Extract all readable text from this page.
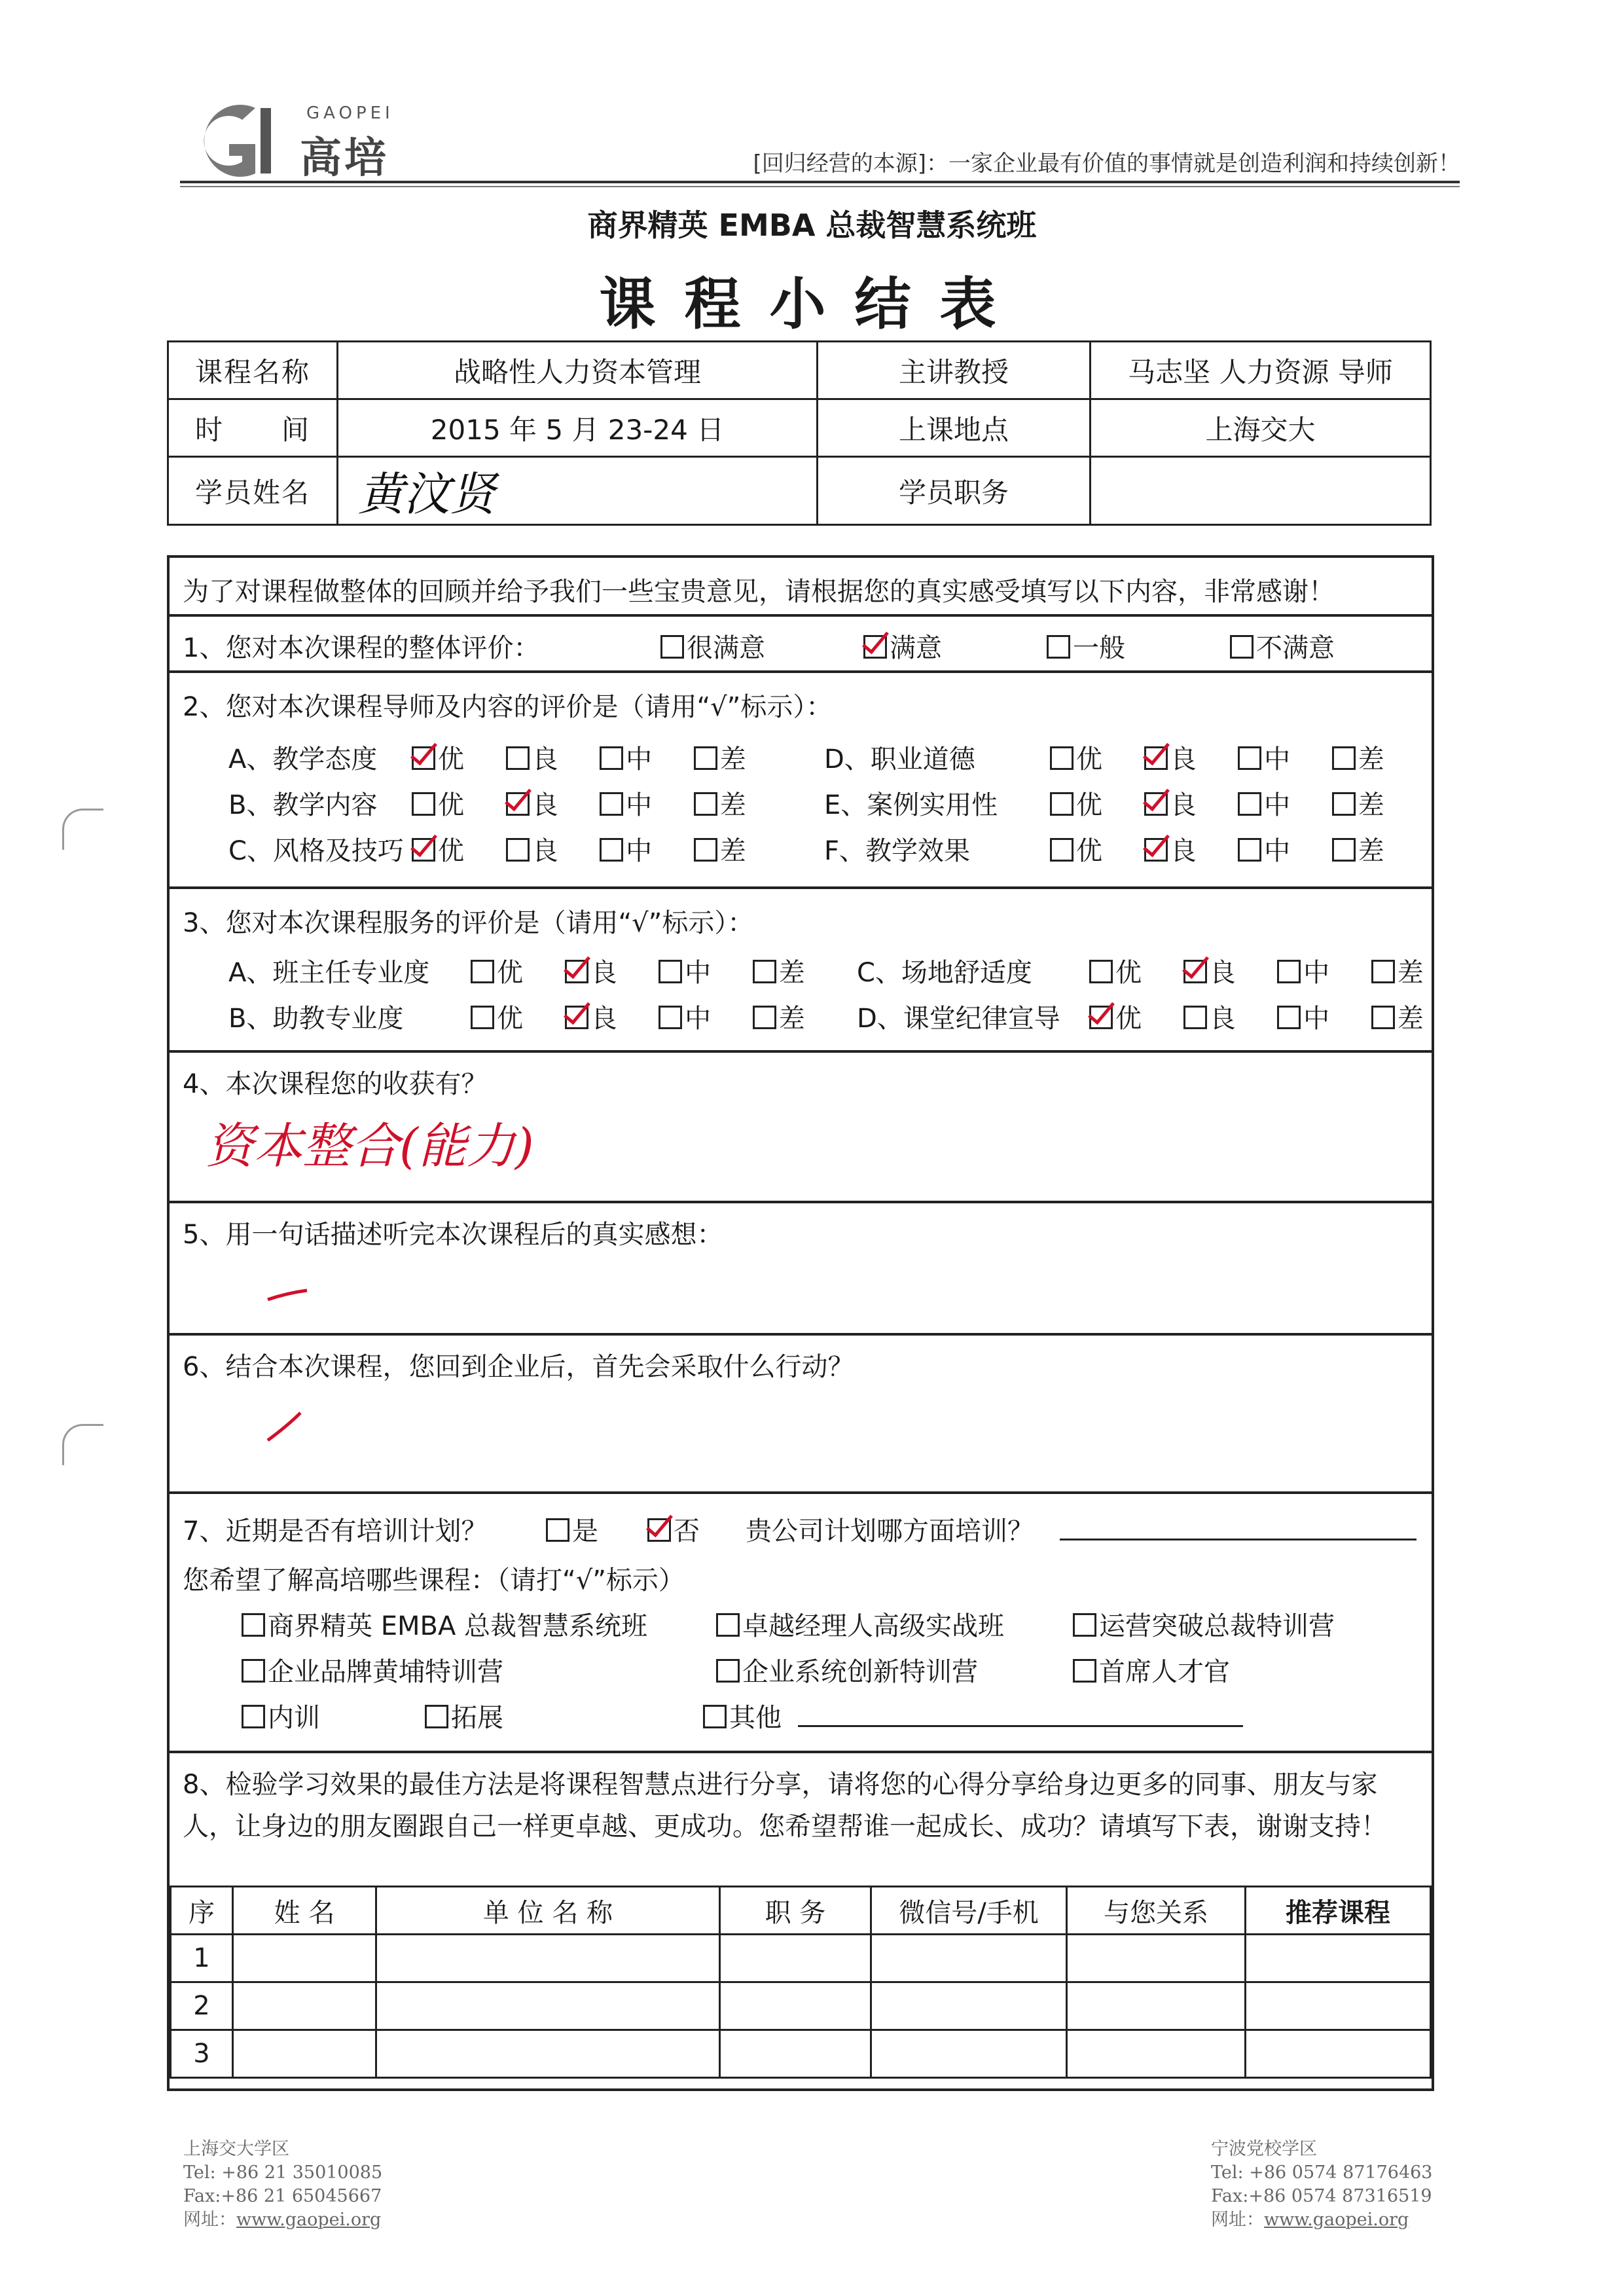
GAOPEI
高培	[回归经营的本源]：一家企业最有价值的事情就是创造利润和持续创新！
商界精英 EMBA 总裁智慧系统班
课程小结表
课程名称	战略性人力资本管理	主讲教授	马志坚 人力资源 导师
时　　间	2015 年 5 月 23-24 日	上课地点	上海交大
学员姓名	黄汶贤	学员职务	
为了对课程做整体的回顾并给予我们一些宝贵意见，请根据您的真实感受填写以下内容，非常感谢！
1、您对本次课程的整体评价：	很满意	满意	一般	不满意
2、您对本次课程导师及内容的评价是（请用“√”标示）：
A、教学态度	优	良	中	差	D、职业道德	优	良	中	差
B、教学内容	优	良	中	差	E、案例实用性	优	良	中	差
C、风格及技巧	优	良	中	差	F、教学效果	优	良	中	差
3、您对本次课程服务的评价是（请用“√”标示）：
A、班主任专业度	优	良	中	差 C、场地舒适度	优	良	中	差
B、助教专业度	优	良	中	差 D、课堂纪律宣导	优	良	中	差
4、本次课程您的收获有？
资本整合(能力)
5、用一句话描述听完本次课程后的真实感想：
6、结合本次课程，您回到企业后，首先会采取什么行动？
7、近期是否有培训计划？	是	否 贵公司计划哪方面培训？
您希望了解高培哪些课程：（请打“√”标示）
商界精英 EMBA 总裁智慧系统班	卓越经理人高级实战班	运营突破总裁特训营
企业品牌黄埔特训营	企业系统创新特训营	首席人才官
内训	拓展	其他
8、检验学习效果的最佳方法是将课程智慧点进行分享，请将您的心得分享给身边更多的同事、朋友与家人，让身边的朋友圈跟自己一样更卓越、更成功。您希望帮谁一起成长、成功？请填写下表，谢谢支持！
序	姓 名	单 位 名 称	职 务	微信号/手机	与您关系	推荐课程
1						
2						
3						
上海交大学区
Tel: +86 21 35010085
Fax:+86 21 65045667
网址：www.gaopei.org
宁波党校学区
Tel: +86 0574 87176463
Fax:+86 0574 87316519
网址：www.gaopei.org
